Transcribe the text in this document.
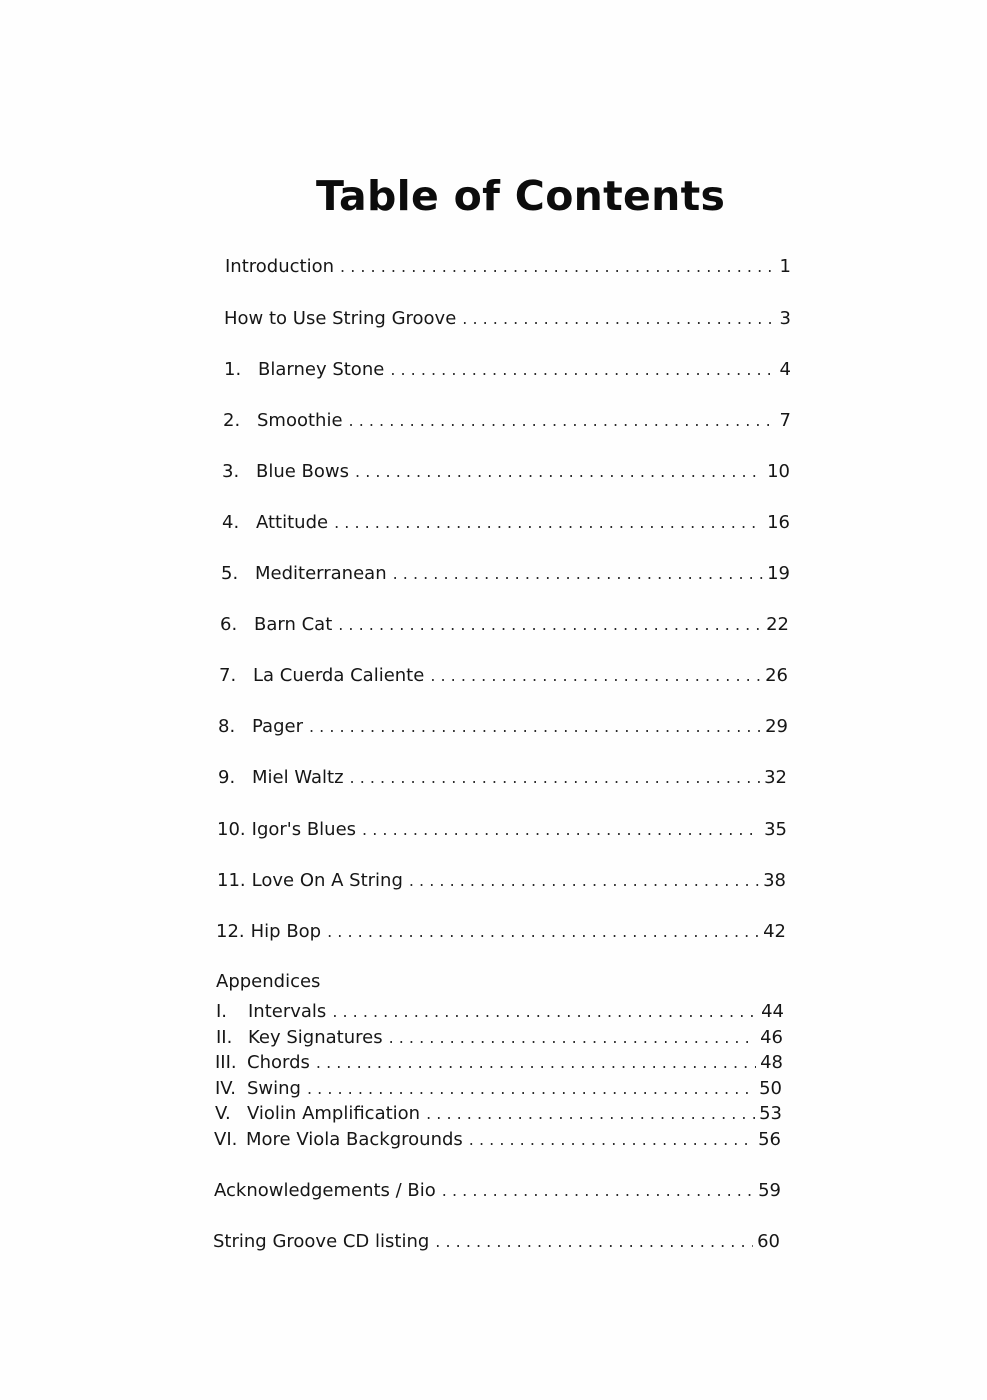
Table of Contents
Introduction . . .	1
How to Use String Groove . . .	3
1. Blarney Stone . . .	4
2. Smoothie . . .	7
3. Blue Bows . . .	10
4. Attitude . . .	16
5. Mediterranean . . .	19
6. Barn Cat . . .	22
7. La Cuerda Caliente . . .	26
8. Pager . . .	29
9. Miel Waltz . . .	32
10. Igor's Blues . . .	35
11. Love On A String . . .	38
12. Hip Bop . . .	42
Appendices
I.	Intervals . . .	44
II. Key Signatures . . .	46
III. Chords . . .	48
IV. Swing . . .	50
V. Violin Amplification . . .	53
VI. More Viola Backgrounds . . .	56
Acknowledgements / Bio . . .	59
String Groove CD listing . . .	60
